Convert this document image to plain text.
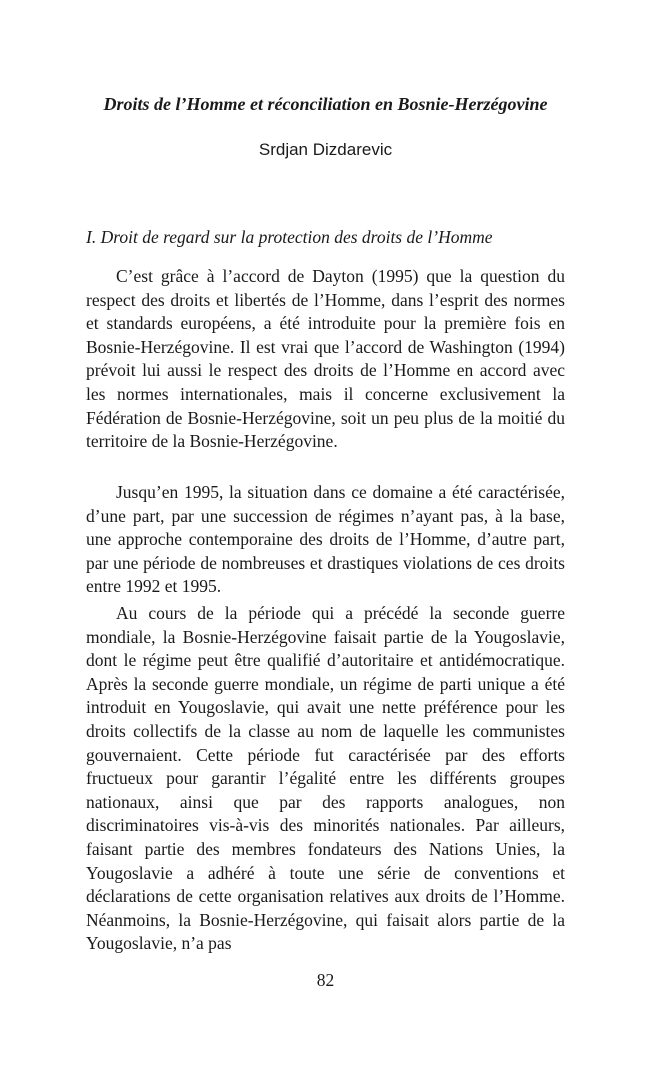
Droits de l’Homme et réconciliation en Bosnie-Herzégovine

Srdjan Dizdarevic

I. Droit de regard sur la protection des droits de l’Homme

C’est grâce à l’accord de Dayton (1995) que la question du respect des droits et libertés de l’Homme, dans l’esprit des normes et standards européens, a été introduite pour la première fois en Bosnie-Herzégovine. Il est vrai que l’accord de Washington (1994) prévoit lui aussi le respect des droits de l’Homme en accord avec les normes internationales, mais il concerne exclusivement la Fédération de Bosnie-Herzégovine, soit un peu plus de la moitié du territoire de la Bosnie-Herzégovine.

Jusqu’en 1995, la situation dans ce domaine a été caractérisée, d’une part, par une succession de régimes n’ayant pas, à la base, une approche contemporaine des droits de l’Homme, d’autre part, par une période de nombreuses et drastiques violations de ces droits entre 1992 et 1995.

Au cours de la période qui a précédé la seconde guerre mondiale, la Bosnie-Herzégovine faisait partie de la Yougoslavie, dont le régime peut être qualifié d’autoritaire et antidémocratique. Après la seconde guerre mondiale, un régime de parti unique a été introduit en Yougoslavie, qui avait une nette préférence pour les droits collectifs de la classe au nom de laquelle les communistes gouvernaient. Cette période fut caractérisée par des efforts fructueux pour garantir l’égalité entre les différents groupes nationaux, ainsi que par des rapports analogues, non discriminatoires vis-à-vis des minorités nationales. Par ailleurs, faisant partie des membres fondateurs des Nations Unies, la Yougoslavie a adhéré à toute une série de conventions et déclarations de cette organisation relatives aux droits de l’Homme. Néanmoins, la Bosnie-Herzégovine, qui faisait alors partie de la Yougoslavie, n’a pas

82
